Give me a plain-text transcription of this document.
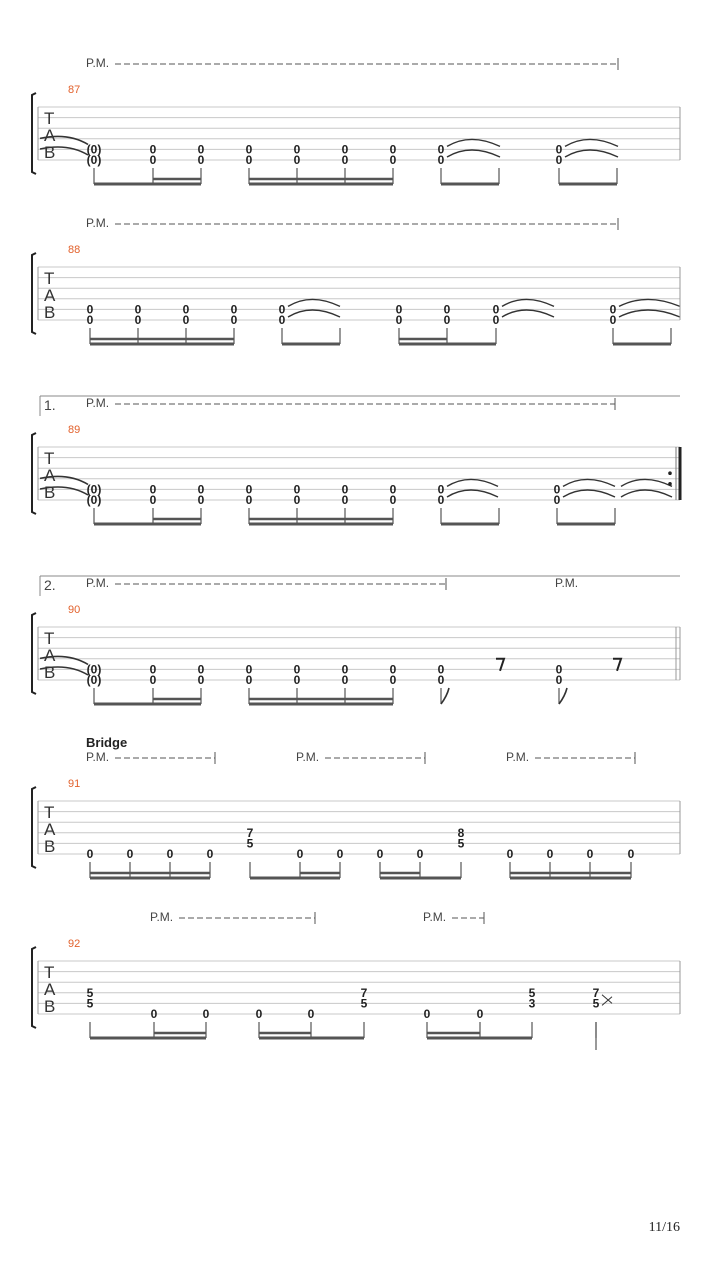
T
A
B
87
P.M.
(0)
(0)
0
0
0
0
0
0
0
0
0
0
0
0
0
0
0
0
T
A
B
88
P.M.
0
0
0
0
0
0
0
0
0
0
0
0
0
0
0
0
0
0
T
A
B
89
1.	P.M.
(0)
(0)
0
0
0
0
0
0
0
0
0
0
0
0
0
0
0
0
T
A
B
90
2.	P.M.	P.M.
(0)
(0)
0
0
0
0
0
0
0
0
0
0
0
0
0
0
0
0
T
A
B
91
Bridge
P.M.	P.M.	P.M.
0	0	0	0
7
5
0	0	0	0
8
5
0	0	0	0
T
A
B
92
P.M.	P.M.
5
5
0	0	0	0
7
5
0	0
5
3
7
5
11/16
